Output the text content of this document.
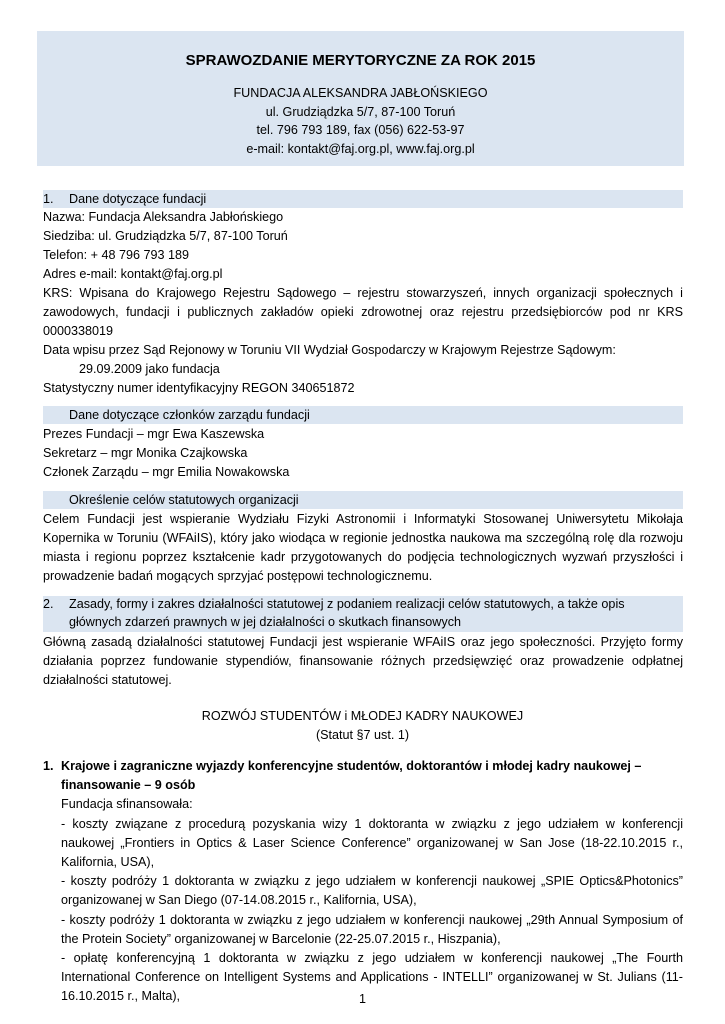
SPRAWOZDANIE MERYTORYCZNE ZA ROK 2015
FUNDACJA ALEKSANDRA JABŁOŃSKIEGO
ul. Grudziądzka 5/7, 87-100 Toruń
tel. 796 793 189, fax (056) 622-53-97
e-mail: kontakt@faj.org.pl, www.faj.org.pl
1. Dane dotyczące fundacji

Nazwa: Fundacja Aleksandra Jabłońskiego

Siedziba: ul. Grudziądzka 5/7, 87-100 Toruń

Telefon: + 48 796 793 189

Adres e-mail: kontakt@faj.org.pl

KRS: Wpisana do Krajowego Rejestru Sądowego – rejestru stowarzyszeń, innych organizacji społecznych i zawodowych, fundacji i publicznych zakładów opieki zdrowotnej oraz rejestru przedsiębiorców pod nr KRS 0000338019

Data wpisu przez Sąd Rejonowy w Toruniu VII Wydział Gospodarczy w Krajowym Rejestrze Sądowym:

29.09.2009 jako fundacja

Statystyczny numer identyfikacyjny REGON 340651872

Dane dotyczące członków zarządu fundacji

Prezes Fundacji – mgr Ewa Kaszewska

Sekretarz – mgr Monika Czajkowska

Członek Zarządu – mgr Emilia Nowakowska

Określenie celów statutowych organizacji

Celem Fundacji jest wspieranie Wydziału Fizyki Astronomii i Informatyki Stosowanej Uniwersytetu Mikołaja Kopernika w Toruniu (WFAiIS), który jako wiodąca w regionie jednostka naukowa ma szczególną rolę dla rozwoju miasta i regionu poprzez kształcenie kadr przygotowanych do podjęcia technologicznych wyzwań przyszłości i prowadzenie badań mogących sprzyjać postępowi technologicznemu.

2. Zasady, formy i zakres działalności statutowej z podaniem realizacji celów statutowych, a także opis głównych zdarzeń prawnych w jej działalności o skutkach finansowych

Główną zasadą działalności statutowej Fundacji jest wspieranie WFAiIS oraz jego społeczności. Przyjęto formy działania poprzez fundowanie stypendiów, finansowanie różnych przedsięwzięć oraz prowadzenie odpłatnej działalności statutowej.

ROZWÓJ STUDENTÓW i MŁODEJ KADRY NAUKOWEJ
(Statut §7 ust. 1)
1. Krajowe i zagraniczne wyjazdy konferencyjne studentów, doktorantów i młodej kadry naukowej – finansowanie – 9 osób

Fundacja sfinansowała:

- koszty związane z procedurą pozyskania wizy 1 doktoranta w związku z jego udziałem w konferencji naukowej „Frontiers in Optics & Laser Science Conference” organizowanej w San Jose (18-22.10.2015 r., Kalifornia, USA),

- koszty podróży 1 doktoranta w związku z jego udziałem w konferencji naukowej „SPIE Optics&Photonics” organizowanej w San Diego (07-14.08.2015 r., Kalifornia, USA),

- koszty podróży 1 doktoranta w związku z jego udziałem w konferencji naukowej „29th Annual Symposium of the Protein Society” organizowanej w Barcelonie (22-25.07.2015 r., Hiszpania),

- opłatę konferencyjną 1 doktoranta w związku z jego udziałem w konferencji naukowej „The Fourth International Conference on Intelligent Systems and Applications - INTELLI” organizowanej w St. Julians (11-16.10.2015 r., Malta),	1
